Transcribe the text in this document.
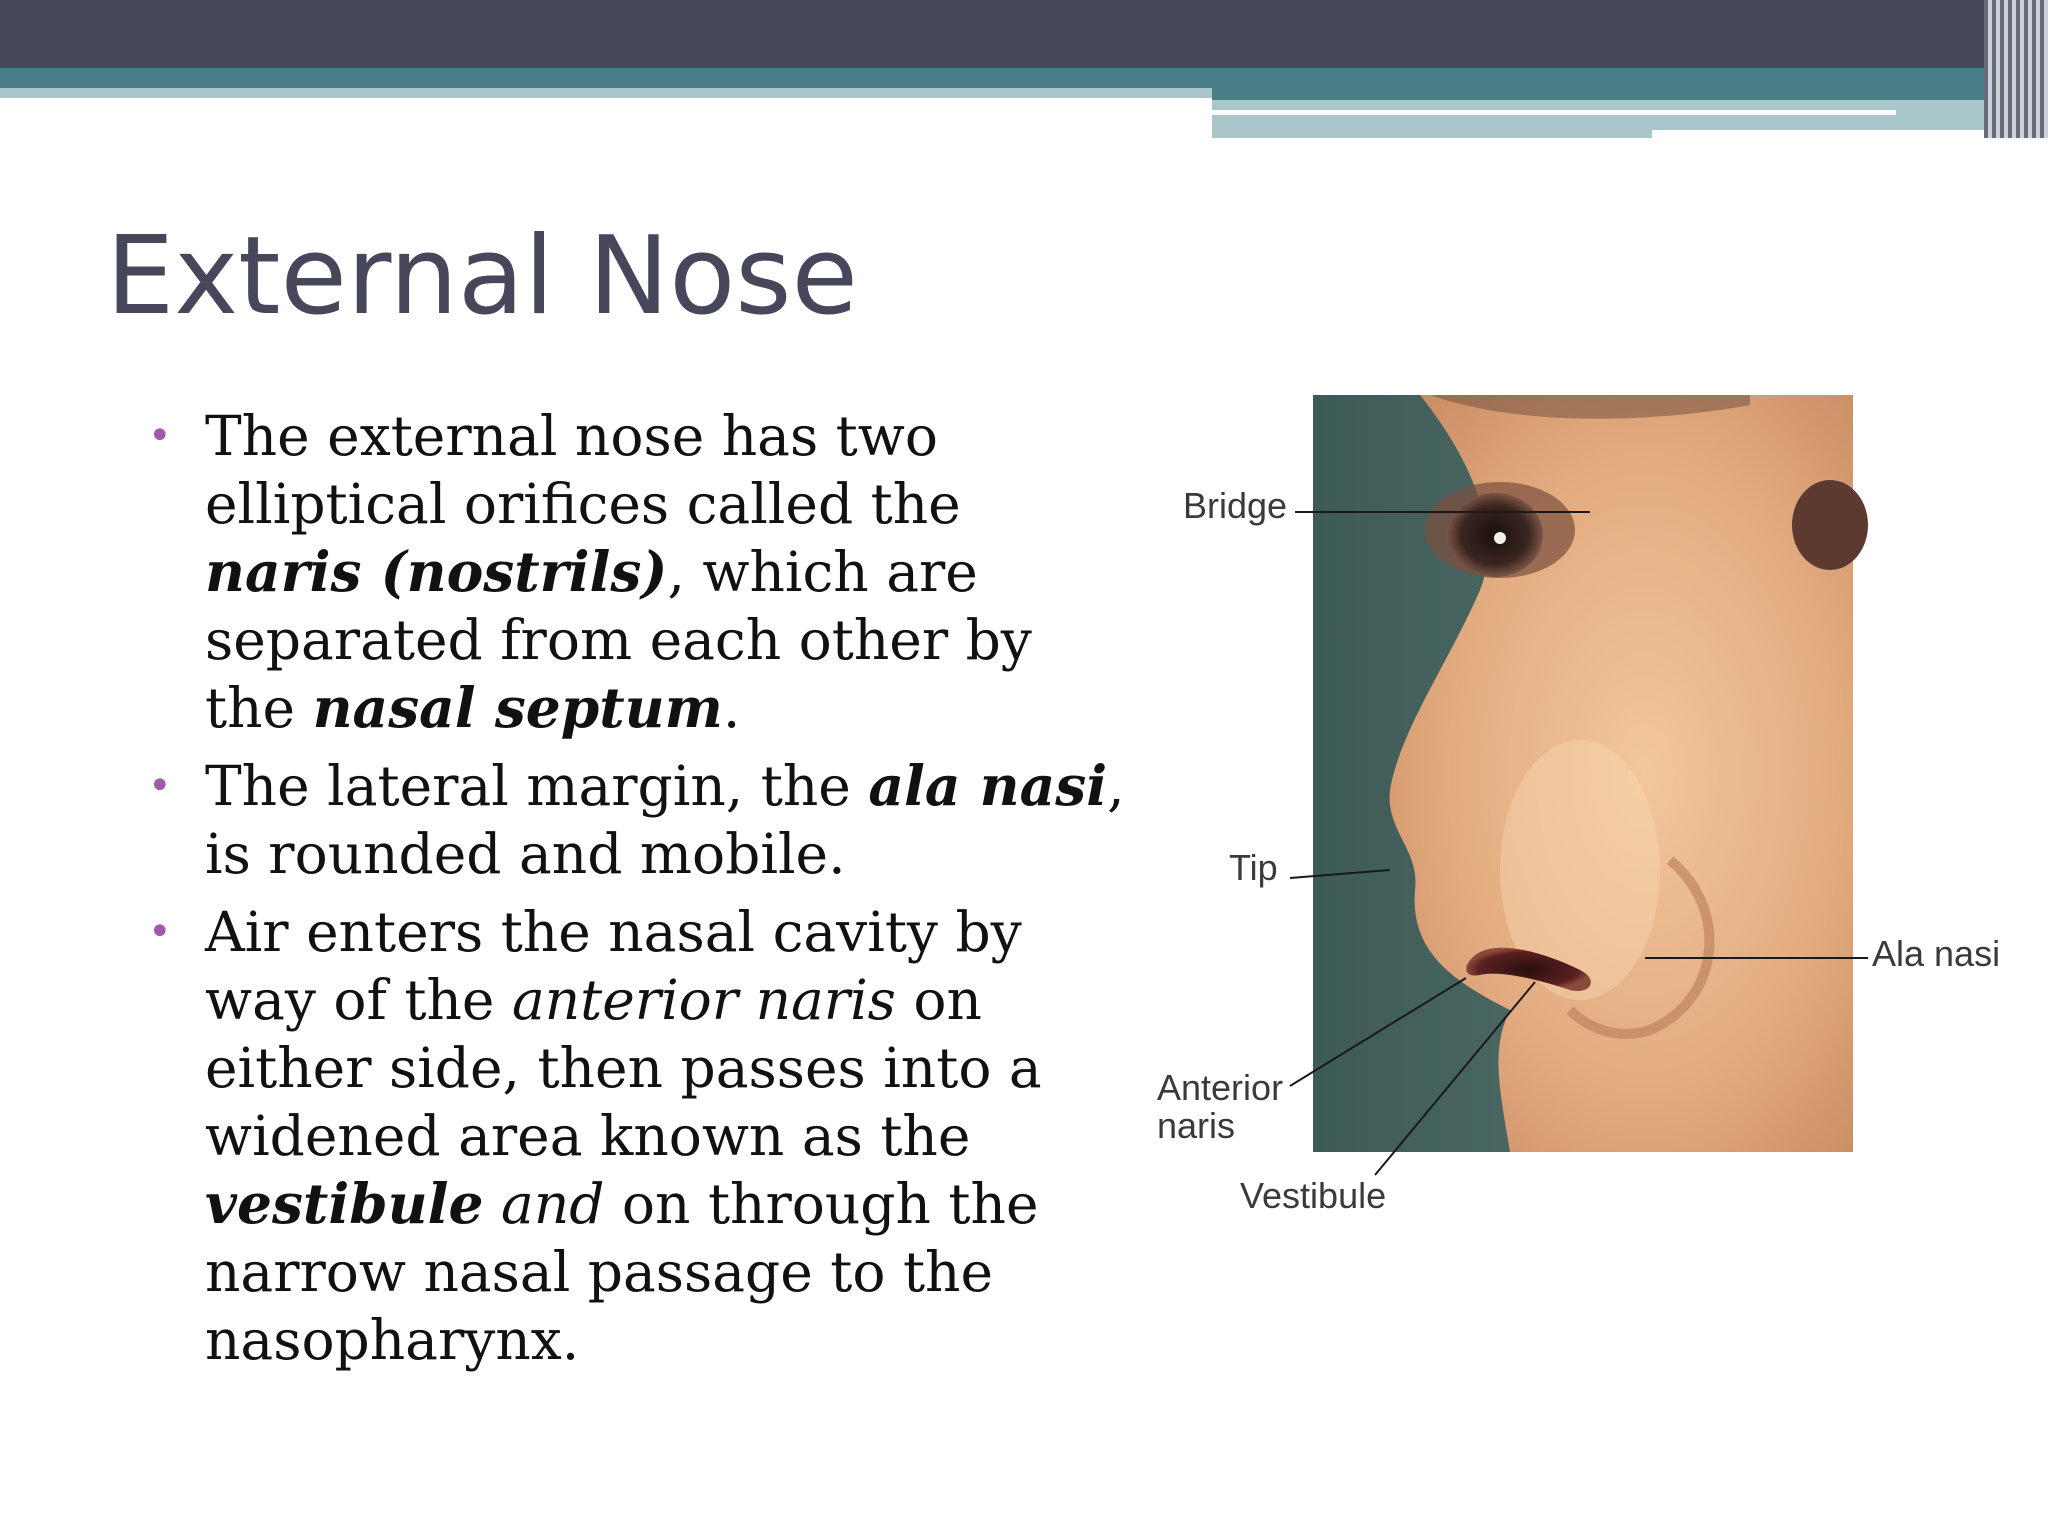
External Nose
• The external nose has two elliptical orifices called the naris (nostrils), which are separated from each other by the nasal septum.
• The lateral margin, the ala nasi, is rounded and mobile.
• Air enters the nasal cavity by way of the anterior naris on either side, then passes into a widened area known as the vestibule and on through the narrow nasal passage to the nasopharynx.
Bridge
Tip
Ala nasi
Anterior
naris
Vestibule
